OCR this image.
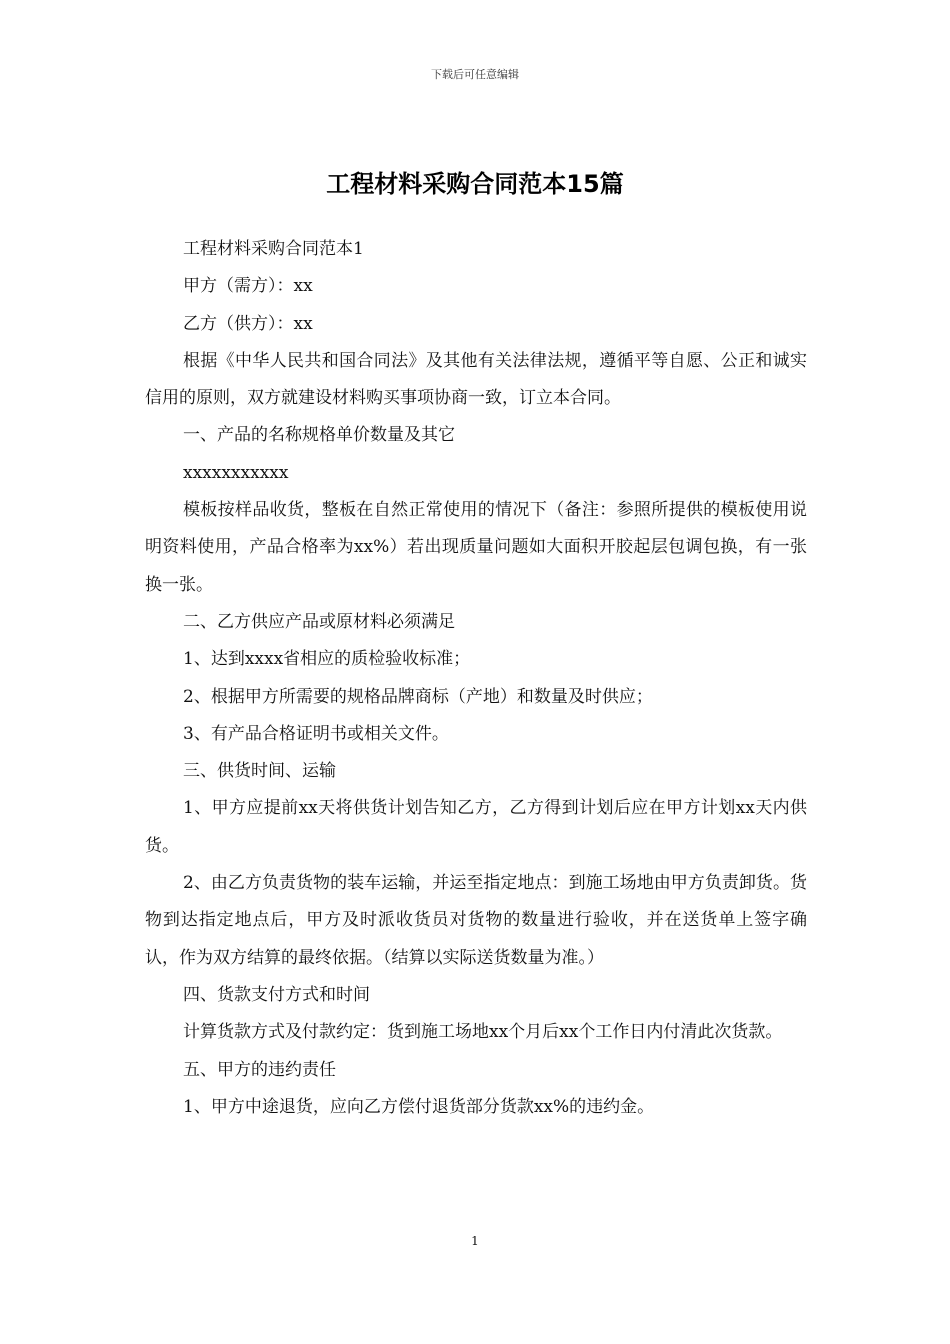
下载后可任意编辑
工程材料采购合同范本15篇

工程材料采购合同范本1

甲方（需方）：xx

乙方（供方）：xx

根据《中华人民共和国合同法》及其他有关法律法规，遵循平等自愿、公正和诚实信用的原则，双方就建设材料购买事项协商一致，订立本合同。

一、产品的名称规格单价数量及其它

xxxxxxxxxxx

模板按样品收货，整板在自然正常使用的情况下（备注：参照所提供的模板使用说明资料使用，产品合格率为xx%）若出现质量问题如大面积开胶起层包调包换，有一张换一张。

二、乙方供应产品或原材料必须满足

1、达到xxxx省相应的质检验收标准；

2、根据甲方所需要的规格品牌商标（产地）和数量及时供应；

3、有产品合格证明书或相关文件。

三、供货时间、运输

1、甲方应提前xx天将供货计划告知乙方，乙方得到计划后应在甲方计划xx天内供货。

2、由乙方负责货物的装车运输，并运至指定地点：到施工场地由甲方负责卸货。货物到达指定地点后，甲方及时派收货员对货物的数量进行验收，并在送货单上签字确认，作为双方结算的最终依据。（结算以实际送货数量为准。）

四、货款支付方式和时间

计算货款方式及付款约定：货到施工场地xx个月后xx个工作日内付清此次货款。

五、甲方的违约责任

1、甲方中途退货，应向乙方偿付退货部分货款xx%的违约金。

1
